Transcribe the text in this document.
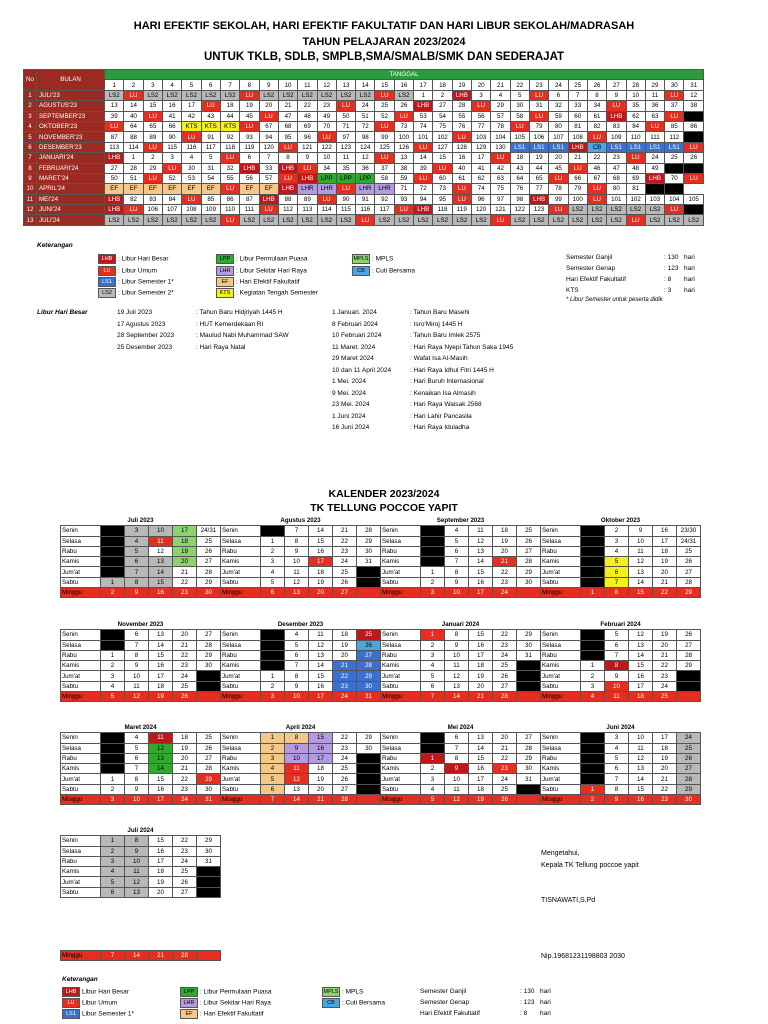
HARI EFEKTIF SEKOLAH, HARI EFEKTIF FAKULTATIF DAN HARI LIBUR SEKOLAH/MADRASAH
TAHUN PELAJARAN 2023/2024
UNTUK TKLB, SDLB, SMPLB,SMA/SMALB/SMK DAN SEDERAJAT
No	BULAN	TANGGAL																														
		1	2	3	4	5	6	7	8	9	10	11	12	13	14	15	16	17	18	19	20	21	22	23	24	25	26	27	28	29	30	31
1	JULI'23	LS2	LU	LS2	LS2	LS2	LS2	LS2	LU	LS2	LS2	LS2	LS2	LS2	LS2	LU	LS2	1	2	LHB	3	4	5	LU	6	7	8	9	10	11	LU	12
2	AGUSTUS'23	13	14	15	16	17	LU	18	19	20	21	22	23	LU	24	25	26	LHB	27	28	LU	29	30	31	32	33	34	LU	35	36	37	38
3	SEPTEMBER'23	39	40	LU	41	42	43	44	45	LU	47	48	49	50	51	52	LU	53	54	55	56	57	58	LU	59	60	61	LHB	62	63	LU	
4	OKTOBER'23	LU	64	65	66	KTS	KTS	KTS	LU	67	68	69	70	71	72	LU	73	74	75	76	77	78	LU	79	80	81	82	83	84	LU	85	86
5	NOVEMBER'23	87	88	89	90	LU	91	92	93	94	95	96	LU	97	98	99	100	101	102	LU	103	104	105	106	107	108	LU	109	110	111	112	
6	DESEMBER'23	113	114	LU	115	116	117	118	119	120	LU	121	122	123	124	125	126	LU	127	128	129	130	LS1	LS1	LS1	LHB	CB	LS1	LS1	LS1	LS1	LU
7	JANUARI'24	LHB	1	2	3	4	5	LU	6	7	8	9	10	11	12	LU	13	14	15	16	17	LU	18	19	20	21	22	23	LU	24	25	26
8	FEBRUARI'24	27	28	29	LU	30	31	32	LHB	33	LHB	LU	34	35	36	37	38	39	LU	40	41	42	43	44	45	LU	46	47	48	49		
9	MARET'24	50	51	LU	52	53	54	55	56	57	LU	LHB	LPP	LPP	LPP	58	59	LU	60	61	62	63	64	65	LU	66	67	68	69	LHB	70	LU
10	APRIL'24	EF	EF	EF	EF	EF	EF	LU	EF	EF	LHB	LHR	LHR	LU	LHR	LHR	71	72	73	LU	74	75	76	77	78	79	LU	80	81			
11	MEI'24	LHB	82	83	84	LU	85	86	87	LHB	88	89	LU	90	91	92	93	94	95	LU	96	97	98	LHB	99	100	LU	101	102	103	104	105
12	JUNI'24	LHB	LU	106	107	108	109	110	111	LU	112	113	114	115	116	117	LU	LHB	118	119	120	121	122	123	LU	LS2	LS2	LS2	LS2	LS2	LU	
13	JULI'24	LS2	LS2	LS2	LS2	LS2	LS2	LU	LS2	LS2	LS2	LS2	LS2	LS2	LU	LS2	LS2	LS2	LS2	LS2	LS2	LU	LS2	LS2	LS2	LS2	LS2	LS2	LU	LS2	LS2	LS2
Keterangan
LHB : Libur Hari Besar
LU : Libur Umum
LS1 : Libur Semester 1*
LS2 : Libur Semester 2*
LPP : Libur Permulaan Puasa
LHR : Libur Sekitar Hari Raya
EF : Hari Efektif Fakultatif
KTS : Kegiatan Tengah Semester
MPLS : MPLS
CB : Cuti Bersama
Semester Ganjil	: 130 hari
Semester Genap	: 123 hari
Hari Efektif Fakultatif	: 8 hari
KTS	: 3 hari
* Libur Semester untuk peserta didik
Libur Hari Besar	19 Juli 2023	: Tahun Baru Hidjriyah 1445 H
17 Agustus 2023	: HUT Kemerdekaan RI
28 September 2023	: Maulud Nabi Muhammad SAW
25 Desember 2023	: Hari Raya Natal
1 Januari. 2024	: Tahun Baru Masehi
8 Februari 2024	: Isro'Miroj 1445 H
10 Februari 2024	: Tahun Baru Imlek 2575
11 Maret. 2024	: Hari Raya Nyepi Tahun Saka 1945
29 Maret 2024	: Wafat Isa Al-Masih
10 dan 11 April 2024	: Hari Raya Idhul Fitri 1445 H
1 Mei. 2024	: Hari Buruh Internasional
9 Mei. 2024	: Kenaikan Isa Almasih
23 Mei. 2024	: Hari Raya Waisak 2568
1 Juni 2024	: Hari Lahir Pancasila
16 Juni 2024	: Hari Raya Iduladha
KALENDER 2023/2024
TK TELLUNG POCCOE YAPIT
Juli 2023					
Senin		3	10	17	24/31
Selasa		4	11	18	25
Rabu		5	12	19	26
Kamis		6	13	20	27
Jum'at		7	14	21	28
Sabtu	1	8	15	22	29
Minggu	2	9	16	23	30
Agustus 2023					
Senin		7	14	21	28
Selasa	1	8	15	22	29
Rabu	2	9	16	23	30
Kamis	3	10	17	24	31
Jum'at	4	11	18	25	
Sabtu	5	12	19	26	
Minggu	6	13	20	27	
September 2023					
Senin		4	11	18	25
Selasa		5	12	19	26
Rabu		6	13	20	27
Kamis		7	14	21	28
Jum'at	1	8	15	22	29
Sabtu	2	9	16	23	30
Minggu	3	10	17	24	
Oktober 2023					
Senin		2	9	16	23/30
Selasa		3	10	17	24/31
Rabu		4	11	18	25
Kamis		5	12	19	26
Jum'at		6	13	20	27
Sabtu		7	14	21	28
Minggu	1	8	15	22	29
November 2023					
Senin		6	13	20	27
Selasa		7	14	21	28
Rabu	1	8	15	22	29
Kamis	2	9	16	23	30
Jum'at	3	10	17	24	
Sabtu	4	11	18	25	
Minggu	5	12	19	26	
Desember 2023					
Senin		4	11	18	25
Selasa		5	12	19	26
Rabu		6	13	20	27
Kamis		7	14	21	28
Jum'at	1	8	15	22	29
Sabtu	2	9	16	23	30
Minggu	3	10	17	24	31
Januari 2024					
Senin	1	8	15	22	29
Selasa	2	9	16	23	30
Rabu	3	10	17	24	31
Kamis	4	11	18	25	
Jum'at	5	12	19	26	
Sabtu	6	13	20	27	
Minggu	7	14	21	28	
Februari 2024					
Senin		5	12	19	26
Selasa		6	13	20	27
Rabu		7	14	21	28
Kamis	1	8	15	22	29
Jum'at	2	9	16	23	
Sabtu	3	10	17	24	
Minggu	4	11	18	25	
Maret 2024					
Senin		4	11	18	25
Selasa		5	12	19	26
Rabu		6	13	20	27
Kamis		7	14	21	28
Jum'at	1	8	15	22	29
Sabtu	2	9	16	23	30
Minggu	3	10	17	24	31
April 2024					
Senin	1	8	15	22	29
Selasa	2	9	16	23	30
Rabu	3	10	17	24	
Kamis	4	11	18	25	
Jum'at	5	12	19	26	
Sabtu	6	13	20	27	
Minggu	7	14	21	28	
Mei 2024					
Senin		6	13	20	27
Selasa		7	14	21	28
Rabu	1	8	15	22	29
Kamis	2	9	16	23	30
Jum'at	3	10	17	24	31
Sabtu	4	11	18	25	
Minggu	5	12	19	26	
Juni 2024					
Senin		3	10	17	24
Selasa		4	11	18	25
Rabu		5	12	19	26
Kamis		6	13	20	27
Jum'at		7	14	21	28
Sabtu	1	8	15	22	29
Minggu	2	9	16	23	30
Juli 2024					
Senin	1	8	15	22	29
Selasa	2	9	16	23	30
Rabu	3	10	17	24	31
Kamis	4	11	18	25	
Jum'at	5	12	19	26	
Sabtu	6	13	20	27	
Minggu	7	14	21	28	
Mengetahui,
Kepala TK Tellung poccoe yapit
TISNAWATI,S.Pd
Nip.19681231198803 2030
Keterangan
LHB Libur Hari Besar
LU Libur Umum
LS1 Libur Semester 1*
LPP : Libur Permulaan Puasa
LHR : Libur Sekitar Hari Raya
EF : Hari Efektif Fakultatif
MPLS : MPLS
CB : Cuti Bersama
Semester Ganjil	: 130 hari
Semester Genap	: 123 hari
Hari Efektif Fakultatif	: 8 hari
